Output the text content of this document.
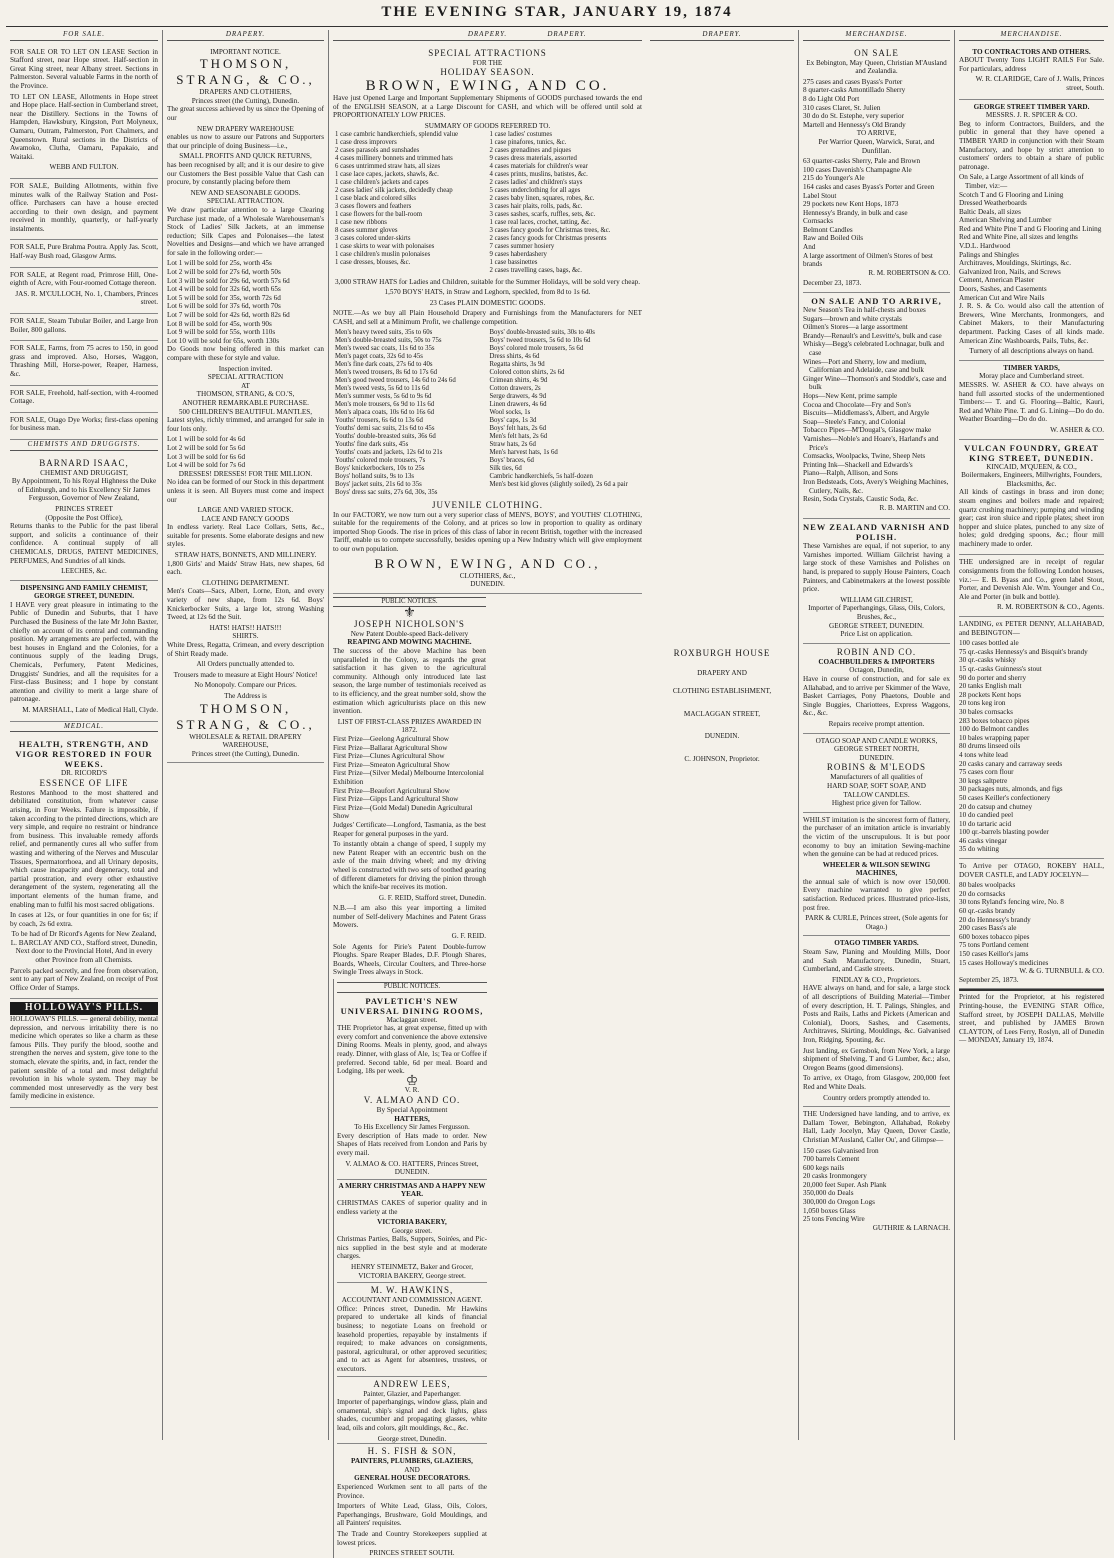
THE EVENING STAR, JANUARY 19, 1874
FOR SALE.

FOR SALE OR TO LET ON LEASE Section in Stafford street, near Hope street. Half-section in Great King street, near Albany street. Sections in Palmerston. Several valuable Farms in the north of the Province.

TO LET ON LEASE, Allotments in Hope street and Hope place. Half-section in Cumberland street, near the Distillery. Sections in the Towns of Hampden, Hawksbury, Kingston, Port Molyneux, Oamaru, Outram, Palmerston, Port Chalmers, and Queenstown. Rural sections in the Districts of Awamoko, Clutha, Oamaru, Papakaio, and Waitaki.

WEBB AND FULTON.

FOR SALE, Building Allotments, within five minutes walk of the Railway Station and Post-office. Purchasers can have a house erected according to their own design, and payment received in monthly, quarterly, or half-yearly instalments.

FOR SALE, Pure Brahma Poutra. Apply Jas. Scott, Half-way Bush road, Glasgow Arms.

FOR SALE, at Regent road, Primrose Hill, One-eighth of Acre, with Four-roomed Cottage thereon.

JAS. R. M'CULLOCH, No. 1, Chambers, Princes street.

FOR SALE, Steam Tubular Boiler, and Large Iron Boiler, 800 gallons.

FOR SALE, Farms, from 75 acres to 150, in good grass and improved. Also, Horses, Waggon, Thrashing Mill, Horse-power, Reaper, Harness, &c.

FOR SALE, Freehold, half-section, with 4-roomed Cottage.

FOR SALE, Otago Dye Works; first-class opening for business man.

CHEMISTS AND DRUGGISTS.
BARNARD ISAAC,
CHEMIST AND DRUGGIST,

By Appointment, To his Royal Highness the Duke of Edinburgh, and to his Excellency Sir James Fergusson, Governor of New Zealand,

PRINCES STREET
(Opposite the Post Office),

Returns thanks to the Public for the past liberal support, and solicits a continuance of their confidence. A continual supply of all CHEMICALS, DRUGS, PATENT MEDICINES, PERFUMES, And Sundries of all kinds.

LEECHES, &c.
DISPENSING AND FAMILY CHEMIST, GEORGE STREET, DUNEDIN.

I HAVE very great pleasure in intimating to the Public of Dunedin and Suburbs, that I have Purchased the Business of the late Mr John Baxter, chiefly on account of its central and commanding position. My arrangements are perfected, with the best houses in England and the Colonies, for a continuous supply of the leading Drugs, Chemicals, Perfumery, Patent Medicines, Druggists' Sundries, and all the requisites for a First-class Business; and I hope by constant attention and civility to merit a large share of patronage.

M. MARSHALL, Late of Medical Hall, Clyde.

MEDICAL.
HEALTH, STRENGTH, AND VIGOR RESTORED IN FOUR WEEKS.
DR. RICORD'S
ESSENCE OF LIFE

Restores Manhood to the most shattered and debilitated constitution, from whatever cause arising, in Four Weeks. Failure is impossible, if taken according to the printed directions, which are very simple, and require no restraint or hindrance from business. This invaluable remedy affords relief, and permanently cures all who suffer from wasting and withering of the Nerves and Muscular Tissues, Spermatorrhoea, and all Urinary deposits, which cause incapacity and degeneracy, total and partial prostration, and every other exhaustive derangement of the system, regenerating all the important elements of the human frame, and enabling man to fulfil his most sacred obligations.

In cases at 12s, or four quantities in one for 6s; if by coach, 2s 6d extra.

To be had of Dr Ricord's Agents for New Zealand, L. BARCLAY AND CO., Stafford street, Dunedin, Next door to the Provincial Hotel, And in every other Province from all Chemists.

Parcels packed secretly, and free from observation, sent to any part of New Zealand, on receipt of Post Office Order of Stamps.

HOLLOWAY'S PILLS.

HOLLOWAY'S PILLS. — general debility, mental depression, and nervous irritability there is no medicine which operates so like a charm as these famous Pills. They purify the blood, soothe and strengthen the nerves and system, give tone to the stomach, elevate the spirits, and, in fact, render the patient sensible of a total and most delightful revolution in his whole system. They may be commended most unreservedly as the very best family medicine in existence.

DRAPERY.
IMPORTANT NOTICE.
THOMSON, STRANG, & CO.,
DRAPERS AND CLOTHIERS,
Princes street (the Cutting), Dunedin.

The great success achieved by us since the Opening of our

NEW DRAPERY WAREHOUSE

enables us now to assure our Patrons and Supporters that our principle of doing Business—i.e.,

SMALL PROFITS AND QUICK RETURNS,

has been recognised by all; and it is our desire to give our Customers the Best possible Value that Cash can procure, by constantly placing before them

NEW AND SEASONABLE GOODS.
SPECIAL ATTRACTION.

We draw particular attention to a large Clearing Purchase just made, of a Wholesale Warehouseman's Stock of Ladies' Silk Jackets, at an immense reduction; Silk Capes and Polonaises—the latest Novelties and Designs—and which we have arranged for sale in the following order:—

Lot 1 will be sold for 25s, worth 45s
Lot 2 will be sold for 27s 6d, worth 50s
Lot 3 will be sold for 29s 6d, worth 57s 6d
Lot 4 will be sold for 32s 6d, worth 65s
Lot 5 will be sold for 35s, worth 72s 6d
Lot 6 will be sold for 37s 6d, worth 70s
Lot 7 will be sold for 42s 6d, worth 82s 6d
Lot 8 will be sold for 45s, worth 90s
Lot 9 will be sold for 55s, worth 110s
Lot 10 will be sold for 65s, worth 130s

Do Goods now being offered in this market can compare with these for style and value.

Inspection invited.
SPECIAL ATTRACTION
AT
THOMSON, STRANG, & CO.'S,
ANOTHER REMARKABLE PURCHASE.
500 CHILDREN'S BEAUTIFUL MANTLES,

Latest styles, richly trimmed, and arranged for sale in four lots only.

Lot 1 will be sold for 4s 6d
Lot 2 will be sold for 5s 6d
Lot 3 will be sold for 6s 6d
Lot 4 will be sold for 7s 6d
DRESSES! DRESSES! FOR THE MILLION.

No idea can be formed of our Stock in this department unless it is seen. All Buyers must come and inspect our

LARGE AND VARIED STOCK.
LACE AND FANCY GOODS

In endless variety. Real Lace Collars, Setts, &c., suitable for presents. Some elaborate designs and new styles.

STRAW HATS, BONNETS, AND MILLINERY.

1,800 Girls' and Maids' Straw Hats, new shapes, 6d each.

CLOTHING DEPARTMENT.

Men's Coats—Sacs, Albert, Lorne, Eton, and every variety of new shape, from 12s 6d. Boys' Knickerbocker Suits, a large lot, strong Washing Tweed, at 12s 6d the Suit.

HATS! HATS!! HATS!!!
SHIRTS.

White Dress, Regatta, Crimean, and every description of Shirt Ready made.

All Orders punctually attended to.

Trousers made to measure at Eight Hours' Notice!

No Monopoly. Compare our Prices.

The Address is
THOMSON, STRANG, & CO.,
WHOLESALE & RETAIL DRAPERY WAREHOUSE,
Princes street (the Cutting), Dunedin.
DRAPERY.
SPECIAL ATTRACTIONS
FOR THE
HOLIDAY SEASON.
BROWN, EWING, AND CO.

Have just Opened Large and Important Supplementary Shipments of GOODS purchased towards the end of the ENGLISH SEASON, at a Large Discount for CASH, and which will be offered until sold at PROPORTIONATELY LOW PRICES.

SUMMARY OF GOODS REFERRED TO.
1 case cambric handkerchiefs, splendid value
1 case dress improvers
2 cases parasols and sunshades
4 cases millinery bonnets and trimmed hats
6 cases untrimmed straw hats, all sizes
1 case lace capes, jackets, shawls, &c.
1 case children's jackets and capes
2 cases ladies' silk jackets, decidedly cheap
1 case black and colored silks
3 cases flowers and feathers
1 case flowers for the ball-room
1 case new ribbons
8 cases summer gloves
3 cases colored under-skirts
1 case skirts to wear with polonaises
1 case children's muslin polonaises
1 case dresses, blouses, &c.

1 case ladies' costumes
1 case pinafores, tunics, &c.
2 cases grenadines and piques
9 cases dress materials, assorted
4 cases materials for children's wear
4 cases prints, muslins, batistes, &c.
2 cases ladies' and children's stays
5 cases underclothing for all ages
2 cases baby linen, squares, robes, &c.
3 cases hair plaits, rolls, pads, &c.
3 cases sashes, scarfs, ruffles, sets, &c.
1 case real laces, crochet, tatting, &c.
3 cases fancy goods for Christmas trees, &c.
2 cases fancy goods for Christmas presents
7 cases summer hosiery
9 cases haberdashery
1 case bassinettes
2 cases travelling cases, bags, &c.

3,000 STRAW HATS for Ladies and Children, suitable for the Summer Holidays, will be sold very cheap.

1,570 BOYS' HATS, in Straw and Leghorn, speckled, from 8d to 1s 6d.

23 Cases PLAIN DOMESTIC GOODS.

NOTE.—As we buy all Plain Household Drapery and Furnishings from the Manufacturers for NET CASH, and sell at a Minimum Profit, we challenge competition.

Men's heavy tweed suits, 35s to 60s
Men's double-breasted suits, 50s to 75s
Men's tweed sac coats, 11s 6d to 35s
Men's paget coats, 32s 6d to 45s
Men's fine dark coats, 27s 6d to 40s
Men's tweed trousers, 8s 6d to 17s 6d
Men's good tweed trousers, 14s 6d to 24s 6d
Men's tweed vests, 5s 6d to 11s 6d
Men's summer vests, 5s 6d to 9s 6d
Men's mole trousers, 6s 9d to 11s 6d
Men's alpaca coats, 10s 6d to 16s 6d
Youths' trousers, 6s 6d to 13s 6d
Youths' demi sac suits, 21s 6d to 45s
Youths' double-breasted suits, 36s 6d
Youths' fine dark suits, 45s
Youths' coats and jackets, 12s 6d to 21s
Youths' colored mole trousers, 7s
Boys' knickerbockers, 10s to 25s
Boys' holland suits, 9s to 13s
Boys' jacket suits, 21s 6d to 35s
Boys' dress sac suits, 27s 6d, 30s, 35s

Boys' double-breasted suits, 30s to 40s
Boys' tweed trousers, 5s 6d to 10s 6d
Boys' colored mole trousers, 5s 6d
Dress shirts, 4s 6d
Regatta shirts, 3s 9d
Colored cotton shirts, 2s 6d
Crimean shirts, 4s 9d
Cotton drawers, 2s
Serge drawers, 4s 9d
Linen drawers, 4s 6d
Wool socks, 1s
Boys' caps, 1s 3d
Boys' felt hats, 2s 6d
Men's felt hats, 2s 6d
Straw hats, 2s 6d
Men's harvest hats, 1s 6d
Boys' braces, 6d
Silk ties, 6d
Cambric handkerchiefs, 5s half-dozen
Men's best kid gloves (slightly soiled), 2s 6d a pair
JUVENILE CLOTHING.

In our FACTORY, we now turn out a very superior class of MEN'S, BOYS', and YOUTHS' CLOTHING, suitable for the requirements of the Colony, and at prices so low in proportion to quality as ordinary imported Shop Goods. The rise in prices of this class of labor in recent British, together with the increased Tariff, enable us to compete successfully, besides opening up a New Industry which will give employment to our own population.

BROWN, EWING, AND CO.,
CLOTHIERS, &c.,
DUNEDIN.
PUBLIC NOTICES.
⚜
JOSEPH NICHOLSON'S
New Patent Double-speed Back-delivery
REAPING AND MOWING MACHINE.

The success of the above Machine has been unparalleled in the Colony, as regards the great satisfaction it has given to the agricultural community. Although only introduced late last season, the large number of testimonials received as to its efficiency, and the great number sold, show the estimation which agriculturists place on this new invention.

LIST OF FIRST-CLASS PRIZES AWARDED IN 1872.
First Prize—Geelong Agricultural Show
First Prize—Ballarat Agricultural Show
First Prize—Clunes Agricultural Show
First Prize—Smeaton Agricultural Show
First Prize—(Silver Medal) Melbourne Intercolonial Exhibition
First Prize—Beaufort Agricultural Show
First Prize—Gipps Land Agricultural Show
First Prize—(Gold Medal) Dunedin Agricultural Show

Judges' Certificate—Longford, Tasmania, as the best Reaper for general purposes in the yard.

To instantly obtain a change of speed, I supply my new Patent Reaper with an eccentric bush on the axle of the main driving wheel; and my driving wheel is constructed with two sets of toothed gearing of different diameters for driving the pinion through which the knife-bar receives its motion.

G. F. REID, Stafford street, Dunedin.

N.B.—I am also this year importing a limited number of Self-delivery Machines and Patent Grass Mowers.

G. F. REID.

Sole Agents for Pirie's Patent Double-furrow Ploughs. Spare Reaper Blades, D.F. Plough Shares, Boards, Wheels, Circular Coulters, and Three-horse Swingle Trees always in Stock.

PUBLIC NOTICES.
PAVLETICH'S NEW UNIVERSAL DINING ROOMS,
Maclaggan street.

THE Proprietor has, at great expense, fitted up with every comfort and convenience the above extensive Dining Rooms. Meals in plenty, good, and always ready. Dinner, with glass of Ale, 1s; Tea or Coffee if preferred. Second table, 6d per meal. Board and Lodging, 18s per week.

♔
V. R.
V. ALMAO AND CO.
By Special Appointment
HATTERS,
To His Excellency Sir James Fergusson.

Every description of Hats made to order. New Shapes of Hats received from London and Paris by every mail.

V. ALMAO & CO. HATTERS, Princes Street, DUNEDIN.

A MERRY CHRISTMAS AND A HAPPY NEW YEAR.

CHRISTMAS CAKES of superior quality and in endless variety at the

VICTORIA BAKERY,
George street.

Christmas Parties, Balls, Suppers, Soirées, and Pic-nics supplied in the best style and at moderate charges.

HENRY STEINMETZ, Baker and Grocer, VICTORIA BAKERY, George street.

M. W. HAWKINS,
ACCOUNTANT AND COMMISSION AGENT.

Office: Princes street, Dunedin. Mr Hawkins prepared to undertake all kinds of financial business; to negotiate Loans on freehold or leasehold properties, repayable by instalments if required; to make advances on consignments, pastoral, agricultural, or other approved securities; and to act as Agent for absentees, trustees, or executors.

ANDREW LEES,
Painter, Glazier, and Paperhanger.

Importer of paperhangings, window glass, plain and ornamental, ship's signal and deck lights, glass shades, cucumber and propagating glasses, white lead, oils and colors, gilt mouldings, &c., &c.

George street, Dunedin.
H. S. FISH & SON,
PAINTERS, PLUMBERS, GLAZIERS,
AND
GENERAL HOUSE DECORATORS.

Experienced Workmen sent to all parts of the Province.

Importers of White Lead, Glass, Oils, Colors, Paperhangings, Brushware, Gold Mouldings, and all Painters' requisites.

The Trade and Country Storekeepers supplied at lowest prices.

PRINCES STREET SOUTH.
DRAPERY.	DRAPERY.
ROXBURGH HOUSE
DRAPERY AND
CLOTHING ESTABLISHMENT,
MACLAGGAN STREET,
DUNEDIN.
C. JOHNSON, Proprietor.
MERCHANDISE.
ON SALE

Ex Bebington, May Queen, Christian M'Ausland and Zealandia.

275 cases and cases Byass's Porter
8 quarter-casks Amontillado Sherry
8 do Light Old Port
310 cases Claret, St. Julien
30 do do St. Estephe, very superior
Martell and Hennessy's Old Brandy
TO ARRIVE,

Per Warrior Queen, Warwick, Surat, and Dunfillan.

63 quarter-casks Sherry, Pale and Brown
100 cases Davenish's Champagne Ale
215 do Younger's Ale
164 casks and cases Byass's Porter and Green Label Stout
29 pockets new Kent Hops, 1873
Hennessy's Brandy, in bulk and case
Cornsacks
Belmont Candles
Raw and Boiled Oils
And
A large assortment of Oilmen's Stores of best brands

R. M. ROBERTSON & CO.

December 23, 1873.
ON SALE AND TO ARRIVE,
New Season's Tea in half-chests and boxes
Sugars—brown and white crystals
Oilmen's Stores—a large assortment
Brandy—Renault's and Lesvitte's, bulk and case
Whisky—Begg's celebrated Lochnagar, bulk and case
Wines—Port and Sherry, low and medium, Californian and Adelaide, case and bulk
Ginger Wine—Thomson's and Stoddle's, case and bulk
Hops—New Kent, prime sample
Cocoa and Chocolate—Fry and Son's
Biscuits—Middlemass's, Albert, and Argyle
Soap—Steele's Fancy, and Colonial
Tobacco Pipes—M'Dougal's, Glasgow make
Varnishes—Noble's and Hoare's, Harland's and Price's
Comsacks, Woolpacks, Twine, Sheep Nets
Printing Ink—Shackell and Edwards's
Piano—Ralph, Allison, and Sons
Iron Bedsteads, Cots, Avery's Weighing Machines, Cutlery, Nails, &c.
Resin, Soda Crystals, Caustic Soda, &c.

R. B. MARTIN and CO.

NEW ZEALAND VARNISH AND POLISH.

These Varnishes are equal, if not superior, to any Varnishes imported. William Gilchrist having a large stock of these Varnishes and Polishes on hand, is prepared to supply House Painters, Coach Painters, and Cabinetmakers at the lowest possible price.

WILLIAM GILCHRIST,
Importer of Paperhangings, Glass, Oils, Colors, Brushes, &c.,
GEORGE STREET, DUNEDIN.
Price List on application.
ROBIN AND CO.
COACHBUILDERS & IMPORTERS
Octagon, Dunedin,

Have in course of construction, and for sale ex Allahabad, and to arrive per Skimmer of the Wave, Basket Carriages, Pony Phaetons, Double and Single Buggies, Chariottees, Express Waggons, &c., &c.

Repairs receive prompt attention.
OTAGO SOAP AND CANDLE WORKS,
GEORGE STREET NORTH,
DUNEDIN.
ROBINS & M'LEODS
Manufacturers of all qualities of
HARD SOAP, SOFT SOAP, AND
TALLOW CANDLES.
Highest price given for Tallow.

WHILST imitation is the sincerest form of flattery, the purchaser of an imitation article is invariably the victim of the unscrupulous. It is but poor economy to buy an imitation Sewing-machine when the genuine can be had at reduced prices.

WHEELER & WILSON SEWING MACHINES,

the annual sale of which is now over 150,000. Every machine warranted to give perfect satisfaction. Reduced prices. Illustrated price-lists, post free.

PARK & CURLE, Princes street, (Sole agents for Otago.)
OTAGO TIMBER YARDS.

Steam Saw, Planing and Moulding Mills, Door and Sash Manufactory, Dunedin, Stuart, Cumberland, and Castle streets.

FINDLAY & CO., Proprietors.

HAVE always on hand, and for sale, a large stock of all descriptions of Building Material—Timber of every description, H. T. Palings, Shingles, and Posts and Rails, Laths and Pickets (American and Colonial), Doors, Sashes, and Casements, Architraves, Skirting, Mouldings, &c. Galvanised Iron, Ridging, Spouting, &c.

Just landing, ex Gemsbok, from New York, a large shipment of Shelving, T and G Lumber, &c.; also, Oregon Beams (good dimensions).

To arrive, ex Otago, from Glasgow, 200,000 feet Red and White Deals.

Country orders promptly attended to.

THE Undersigned have landing, and to arrive, ex Dallam Tower, Bebington, Allahabad, Rokeby Hall, Lady Jocelyn, May Queen, Dover Castle, Christian M'Ausland, Caller Ou', and Glimpse—

150 cases Galvanised Iron
700 barrels Cement
600 kegs nails
20 casks Ironmongery
20,000 feet Super. Ash Plank
350,000 do Deals
300,000 do Oregon Logs
1,050 boxes Glass
25 tons Fencing Wire
GUTHRIE & LARNACH.
MERCHANDISE.
TO CONTRACTORS AND OTHERS.

ABOUT Twenty Tons LIGHT RAILS For Sale. For particulars, address

W. R. CLARIDGE, Care of J. Walls, Princes street, South.

GEORGE STREET TIMBER YARD.
MESSRS. J. R. SPICER & CO.

Beg to inform Contractors, Builders, and the public in general that they have opened a TIMBER YARD in conjunction with their Steam Manufactory, and hope by strict attention to customers' orders to obtain a share of public patronage.

On Sale, a Large Assortment of all kinds of Timber, viz:—
Scotch T and G Flooring and Lining
Dressed Weatherboards
Baltic Deals, all sizes
American Shelving and Lumber
Red and White Pine T and G Flooring and Lining
Red and White Pine, all sizes and lengths
V.D.L. Hardwood
Palings and Shingles
Architraves, Mouldings, Skirtings, &c.
Galvanized Iron, Nails, and Screws
Cement, American Plaster
Doors, Sashes, and Casements
American Cut and Wire Nails

J. R. S. & Co. would also call the attention of Brewers, Wine Merchants, Ironmongers, and Cabinet Makers, to their Manufacturing department. Packing Cases of all kinds made. American Zinc Washboards, Pails, Tubs, &c.

Turnery of all descriptions always on hand.
TIMBER YARDS,
Moray place and Cumberland street.

MESSRS. W. ASHER & CO. have always on hand full assorted stocks of the undermentioned Timbers:— T. and G. Flooring—Baltic, Kauri, Red and White Pine. T. and G. Lining—Do do do. Weather Boarding—Do do do.

W. ASHER & CO.
VULCAN FOUNDRY, GREAT KING STREET, DUNEDIN.
KINCAID, M'QUEEN, & CO.,
Boilermakers, Engineers, Millwrights, Founders, Blacksmiths, &c.

All kinds of castings in brass and iron done; steam engines and boilers made and repaired; quartz crushing machinery; pumping and winding gear; cast iron sluice and ripple plates; sheet iron hopper and sluice plates, punched to any size of holes; gold dredging spoons, &c.; flour mill machinery made to order.

THE undersigned are in receipt of regular consignments from the following London houses, viz.:— E. B. Byass and Co., green label Stout, Porter, and Devenish Ale. Wm. Younger and Co., Ale and Porter (in bulk and bottle).

R. M. ROBERTSON & CO., Agents.

LANDING, ex PETER DENNY, ALLAHABAD, and BEBINGTON—

100 cases bottled ale
75 qr.-casks Hennessy's and Bisquit's brandy
30 qr.-casks whisky
15 qr.-casks Guinness's stout
90 do porter and sherry
20 tanks English malt
28 pockets Kent hops
20 tons keg iron
30 bales cornsacks
283 boxes tobacco pipes
100 do Belmont candles
10 bales wrapping paper
80 drums linseed oils
4 tons white lead
20 casks canary and carraway seeds
75 cases corn flour
30 kegs saltpetre
30 packages nuts, almonds, and figs
50 cases Keiller's confectionery
20 do catsup and chutney
10 do candied peel
10 do tartaric acid
100 qr.-barrels blasting powder
46 casks vinegar
35 do whiting

To Arrive per OTAGO, ROKEBY HALL, DOVER CASTLE, and LADY JOCELYN—

80 bales woolpacks
20 do cornsacks
30 tons Ryland's fencing wire, No. 8
60 qr.-casks brandy
20 do Hennessy's brandy
200 cases Bass's ale
600 boxes tobacco pipes
75 tons Portland cement
150 cases Keillor's jams
15 cases Holloway's medicines
W. & G. TURNBULL & CO.
September 25, 1873.
Printed for the Proprietor, at his registered Printing-house, the EVENING STAR Office, Stafford street, by JOSEPH DALLAS, Melville street, and published by JAMES Brown CLAYTON, of Lees Ferry, Roslyn, all of Dunedin — MONDAY, January 19, 1874.
